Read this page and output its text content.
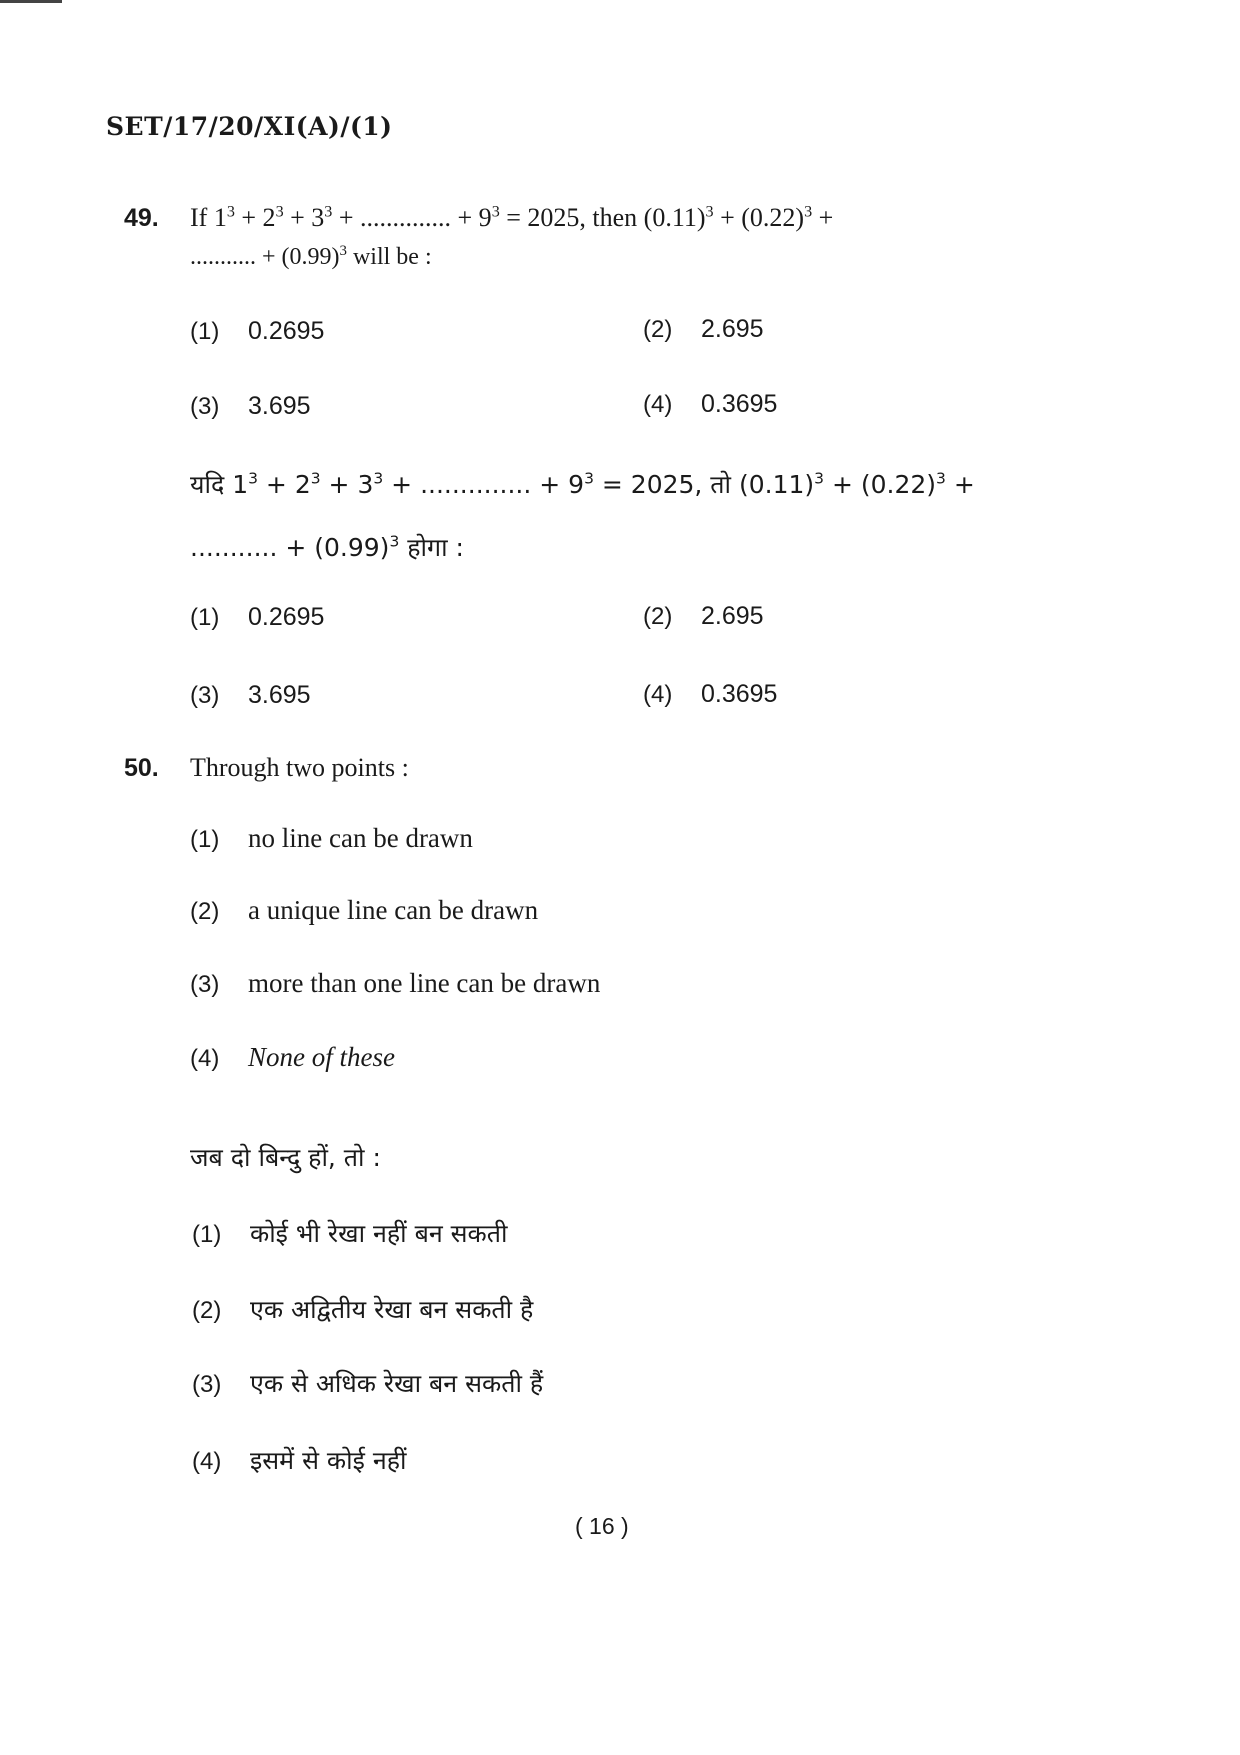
SET/17/20/XI(A)/(1)
49. If $1^3 + 2^3 + 3^3$ + .............. + $9^3 = 2025$, then $(0.11)^3 + (0.22)^3$ +
........... + $(0.99)^3$ will be :
(1) 0.2695	(2) 2.695
(3) 3.695	(4) 0.3695
यदि $1^3 + 2^3 + 3^3$ + .............. + $9^3 = 2025$, तो $(0.11)^3 + (0.22)^3$ +
........... + $(0.99)^3$ होगा :
(1) 0.2695	(2) 2.695
(3) 3.695	(4) 0.3695
50. Through two points :
(1) no line can be drawn
(2) a unique line can be drawn
(3) more than one line can be drawn
(4) None of these
जब दो बिन्दु हों, तो :
(1) कोई भी रेखा नहीं बन सकती
(2) एक अद्वितीय रेखा बन सकती है
(3) एक से अधिक रेखा बन सकती हैं
(4) इसमें से कोई नहीं
( 16 )
